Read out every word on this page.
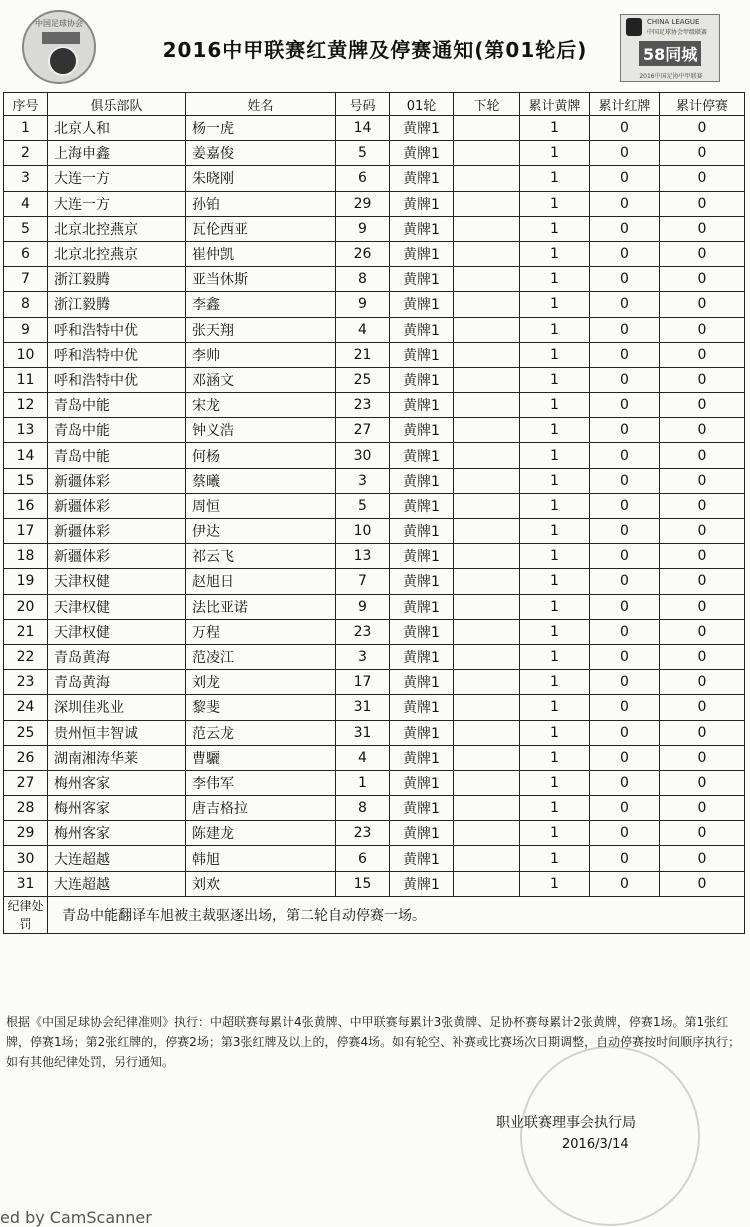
中国足球协会
2016中甲联赛红黄牌及停赛通知(第01轮后)
CHINA LEAGUE
中国足球协会甲级联赛
58同城
2016中国足协中甲联赛
序号	俱乐部队	姓名	号码	01轮	下轮	累计黄牌	累计红牌	累计停赛
1	北京人和	杨一虎	14	黄牌1		1	0	0
2	上海申鑫	姜嘉俊	5	黄牌1		1	0	0
3	大连一方	朱晓刚	6	黄牌1		1	0	0
4	大连一方	孙铂	29	黄牌1		1	0	0
5	北京北控燕京	瓦伦西亚	9	黄牌1		1	0	0
6	北京北控燕京	崔仲凯	26	黄牌1		1	0	0
7	浙江毅腾	亚当休斯	8	黄牌1		1	0	0
8	浙江毅腾	李鑫	9	黄牌1		1	0	0
9	呼和浩特中优	张天翔	4	黄牌1		1	0	0
10	呼和浩特中优	李帅	21	黄牌1		1	0	0
11	呼和浩特中优	邓涵文	25	黄牌1		1	0	0
12	青岛中能	宋龙	23	黄牌1		1	0	0
13	青岛中能	钟义浩	27	黄牌1		1	0	0
14	青岛中能	何杨	30	黄牌1		1	0	0
15	新疆体彩	蔡曦	3	黄牌1		1	0	0
16	新疆体彩	周恒	5	黄牌1		1	0	0
17	新疆体彩	伊达	10	黄牌1		1	0	0
18	新疆体彩	祁云飞	13	黄牌1		1	0	0
19	天津权健	赵旭日	7	黄牌1		1	0	0
20	天津权健	法比亚诺	9	黄牌1		1	0	0
21	天津权健	万程	23	黄牌1		1	0	0
22	青岛黄海	范凌江	3	黄牌1		1	0	0
23	青岛黄海	刘龙	17	黄牌1		1	0	0
24	深圳佳兆业	黎斐	31	黄牌1		1	0	0
25	贵州恒丰智诚	范云龙	31	黄牌1		1	0	0
26	湖南湘涛华莱	曹驪	4	黄牌1		1	0	0
27	梅州客家	李伟军	1	黄牌1		1	0	0
28	梅州客家	唐吉格拉	8	黄牌1		1	0	0
29	梅州客家	陈建龙	23	黄牌1		1	0	0
30	大连超越	韩旭	6	黄牌1		1	0	0
31	大连超越	刘欢	15	黄牌1		1	0	0
纪律处罚	青岛中能翻译车旭被主裁驱逐出场，第二轮自动停赛一场。							
根据《中国足球协会纪律准则》执行：中超联赛每累计4张黄牌、中甲联赛每累计3张黄牌、足协杯赛每累计2张黄牌，停赛1场。第1张红牌，停赛1场；第2张红牌的，停赛2场；第3张红牌及以上的，停赛4场。如有轮空、补赛或比赛场次日期调整，自动停赛按时间顺序执行；如有其他纪律处罚，另行通知。
职业联赛理事会执行局
2016/3/14
ed by CamScanner
